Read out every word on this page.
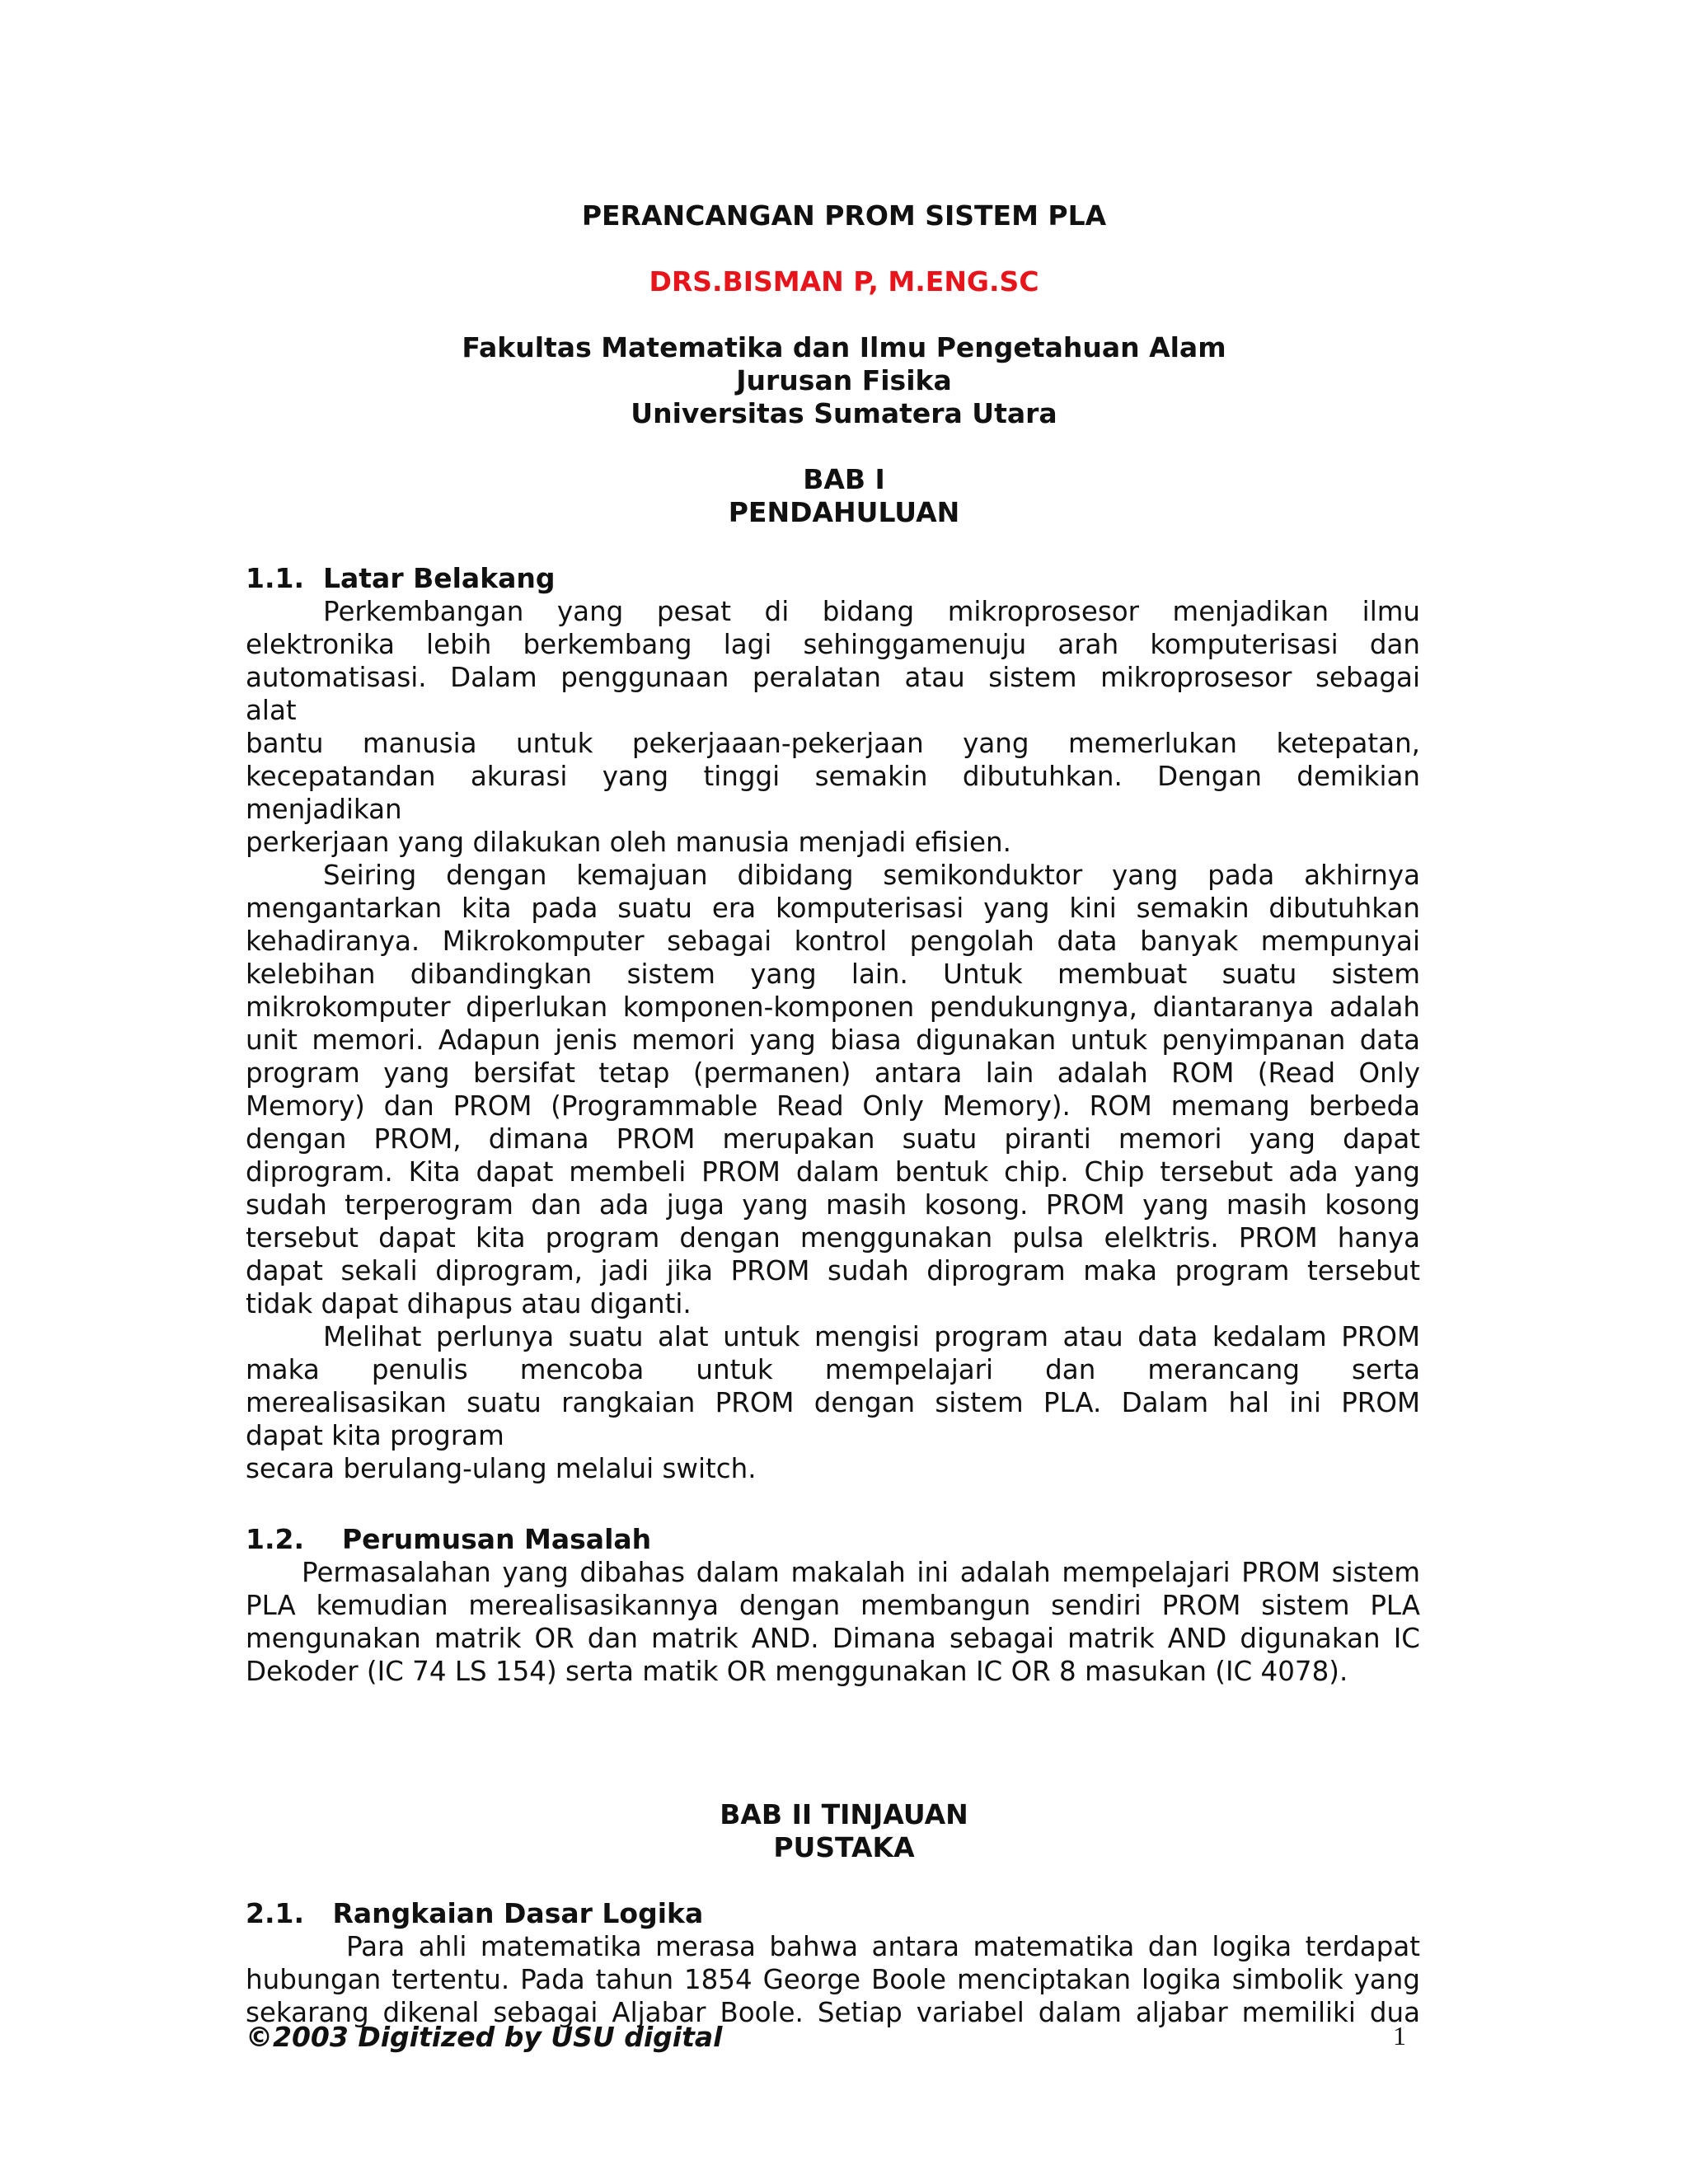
PERANCANGAN PROM SISTEM PLA
DRS.BISMAN P, M.ENG.SC
Fakultas Matematika dan Ilmu Pengetahuan Alam
Jurusan Fisika
Universitas Sumatera Utara
BAB I
PENDAHULUAN
1.1.  Latar Belakang
Perkembangan yang pesat di bidang mikroprosesor menjadikan ilmu
elektronika lebih berkembang lagi sehinggamenuju arah komputerisasi dan
automatisasi. Dalam penggunaan peralatan atau sistem mikroprosesor sebagai
alat
bantu manusia untuk pekerjaaan-pekerjaan yang memerlukan ketepatan,
kecepatandan akurasi yang tinggi semakin dibutuhkan. Dengan demikian
menjadikan
perkerjaan yang dilakukan oleh manusia menjadi efisien.
Seiring dengan kemajuan dibidang semikonduktor yang pada akhirnya
mengantarkan kita pada suatu era komputerisasi yang kini semakin dibutuhkan
kehadiranya. Mikrokomputer sebagai kontrol pengolah data banyak mempunyai
kelebihan dibandingkan sistem yang lain. Untuk membuat suatu sistem
mikrokomputer diperlukan komponen-komponen pendukungnya, diantaranya adalah
unit memori. Adapun jenis memori yang biasa digunakan untuk penyimpanan data
program yang bersifat tetap (permanen) antara lain adalah ROM (Read Only
Memory) dan PROM (Programmable Read Only Memory). ROM memang berbeda
dengan PROM, dimana PROM merupakan suatu piranti memori yang dapat
diprogram. Kita dapat membeli PROM dalam bentuk chip. Chip tersebut ada yang
sudah terperogram dan ada juga yang masih kosong. PROM yang masih kosong
tersebut dapat kita program dengan menggunakan pulsa elelktris. PROM hanya
dapat sekali diprogram, jadi jika PROM sudah diprogram maka program tersebut
tidak dapat dihapus atau diganti.
Melihat perlunya suatu alat untuk mengisi program atau data kedalam PROM
maka penulis mencoba untuk mempelajari dan merancang serta
merealisasikan suatu rangkaian PROM dengan sistem PLA. Dalam hal ini PROM
dapat kita program
secara berulang-ulang melalui switch.
1.2.    Perumusan Masalah
Permasalahan yang dibahas dalam makalah ini adalah mempelajari PROM sistem
PLA kemudian merealisasikannya dengan membangun sendiri PROM sistem PLA
mengunakan matrik OR dan matrik AND. Dimana sebagai matrik AND digunakan IC
Dekoder (IC 74 LS 154) serta matik OR menggunakan IC OR 8 masukan (IC 4078).
BAB II TINJAUAN
PUSTAKA
2.1.   Rangkaian Dasar Logika
Para ahli matematika merasa bahwa antara matematika dan logika terdapat
hubungan tertentu. Pada tahun 1854 George Boole menciptakan logika simbolik yang
sekarang dikenal sebagai Aljabar Boole. Setiap variabel dalam aljabar memiliki dua
©2003 Digitized by USU digital	1
